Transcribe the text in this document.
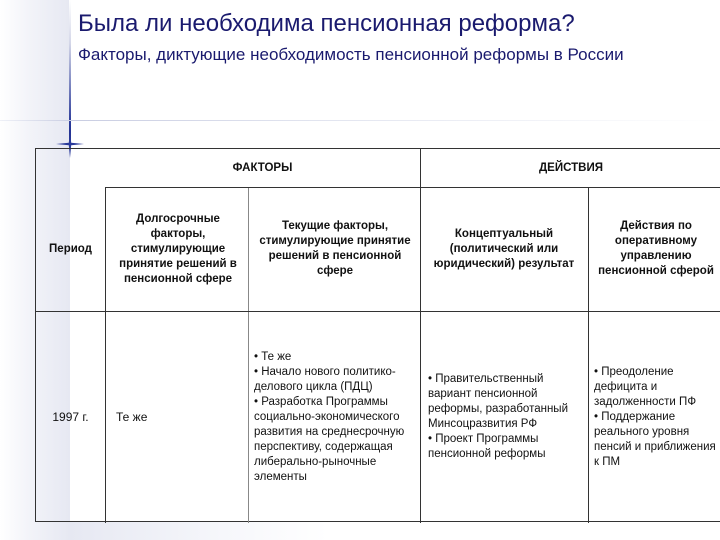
Была ли необходима пенсионная реформа?
Факторы, диктующие необходимость пенсионной реформы в России
ФАКТОРЫ	ДЕЙСТВИЯ
Период
Долгосрочные факторы, стимулирующие принятие решений в пенсионной сфере
Текущие факторы, стимулирующие принятие решений в пенсионной сфере
Концептуальный (политический или юридический) результат
Действия по оперативному управлению пенсионной сферой
1997 г.	Те же
• Те же
• Начало нового политико-делового цикла (ПДЦ)
• Разработка Программы социально-экономического развития на среднесрочную перспективу, содержащая либерально-рыночные элементы
• Правительственный вариант пенсионной реформы, разработанный Минсоцразвития РФ
• Проект Программы пенсионной реформы
• Преодоление дефицита и задолженности ПФ
• Поддержание реального уровня пенсий и приближения к ПМ
